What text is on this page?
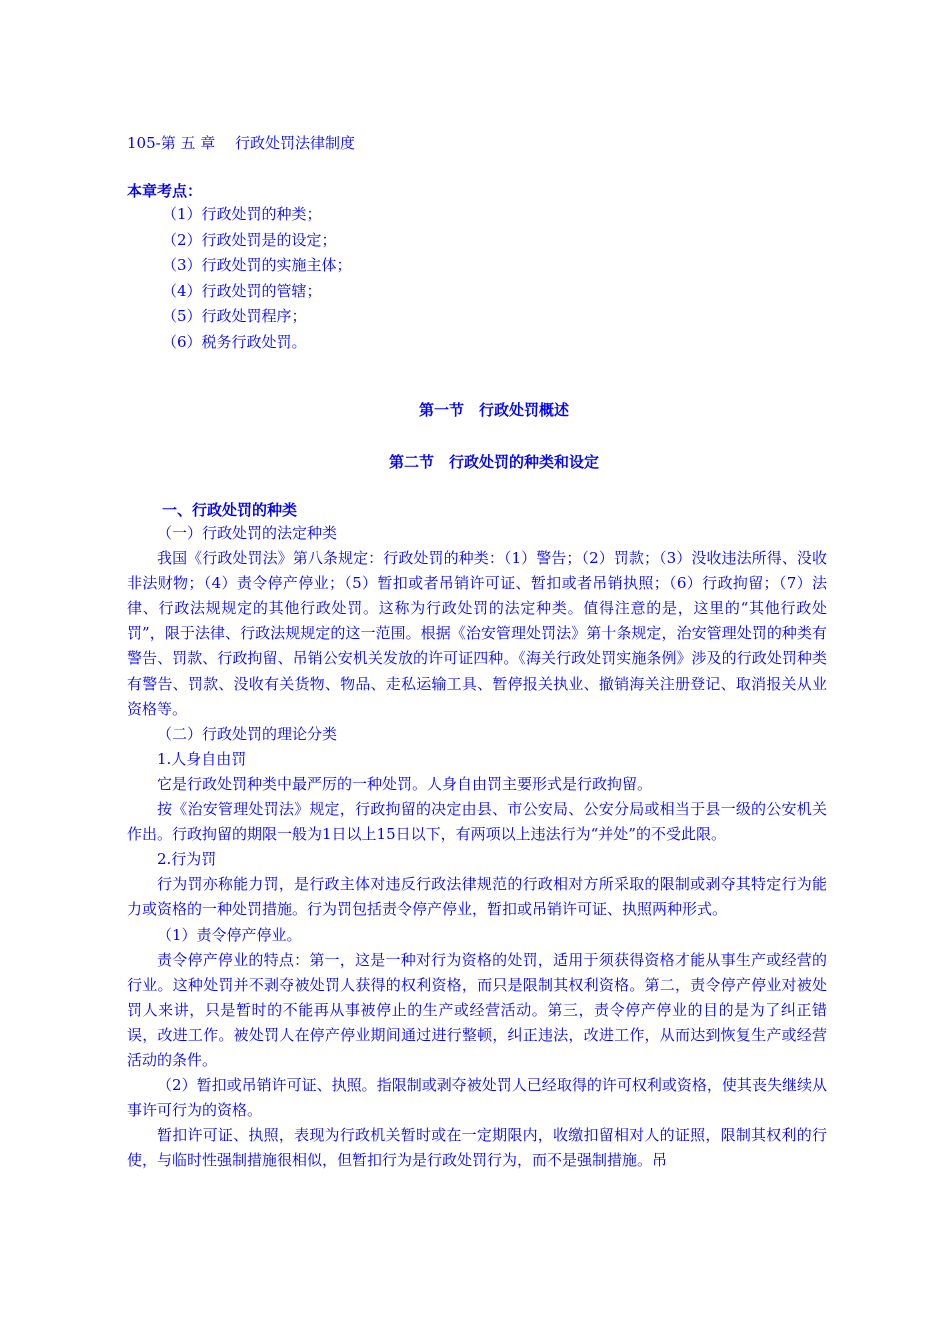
105-第 五 章　 行政处罚法律制度
本章考点：
（1）行政处罚的种类；
（2）行政处罚是的设定；
（3）行政处罚的实施主体；
（4）行政处罚的管辖；
（5）行政处罚程序；
（6）税务行政处罚。
第一节　行政处罚概述
第二节　行政处罚的种类和设定
一、行政处罚的种类

（一）行政处罚的法定种类

我国《行政处罚法》第八条规定：行政处罚的种类：（1）警告；（2）罚款；（3）没收违法所得、没收非法财物；（4）责令停产停业；（5）暂扣或者吊销许可证、暂扣或者吊销执照；（6）行政拘留；（7）法律、行政法规规定的其他行政处罚。这称为行政处罚的法定种类。值得注意的是，这里的“其他行政处罚”，限于法律、行政法规规定的这一范围。根据《治安管理处罚法》第十条规定，治安管理处罚的种类有警告、罚款、行政拘留、吊销公安机关发放的许可证四种。《海关行政处罚实施条例》涉及的行政处罚种类有警告、罚款、没收有关货物、物品、走私运输工具、暂停报关执业、撤销海关注册登记、取消报关从业资格等。

（二）行政处罚的理论分类

1.人身自由罚

它是行政处罚种类中最严厉的一种处罚。人身自由罚主要形式是行政拘留。

按《治安管理处罚法》规定，行政拘留的决定由县、市公安局、公安分局或相当于县一级的公安机关作出。行政拘留的期限一般为1日以上15日以下，有两项以上违法行为“并处”的不受此限。

2.行为罚

行为罚亦称能力罚，是行政主体对违反行政法律规范的行政相对方所采取的限制或剥夺其特定行为能力或资格的一种处罚措施。行为罚包括责令停产停业，暂扣或吊销许可证、执照两种形式。

（1）责令停产停业。

责令停产停业的特点：第一，这是一种对行为资格的处罚，适用于须获得资格才能从事生产或经营的行业。这种处罚并不剥夺被处罚人获得的权利资格，而只是限制其权利资格。第二，责令停产停业对被处罚人来讲，只是暂时的不能再从事被停止的生产或经营活动。第三，责令停产停业的目的是为了纠正错误，改进工作。被处罚人在停产停业期间通过进行整顿，纠正违法，改进工作，从而达到恢复生产或经营活动的条件。

（2）暂扣或吊销许可证、执照。指限制或剥夺被处罚人已经取得的许可权利或资格，使其丧失继续从事许可行为的资格。

暂扣许可证、执照，表现为行政机关暂时或在一定期限内，收缴扣留相对人的证照，限制其权利的行使，与临时性强制措施很相似，但暂扣行为是行政处罚行为，而不是强制措施。吊
